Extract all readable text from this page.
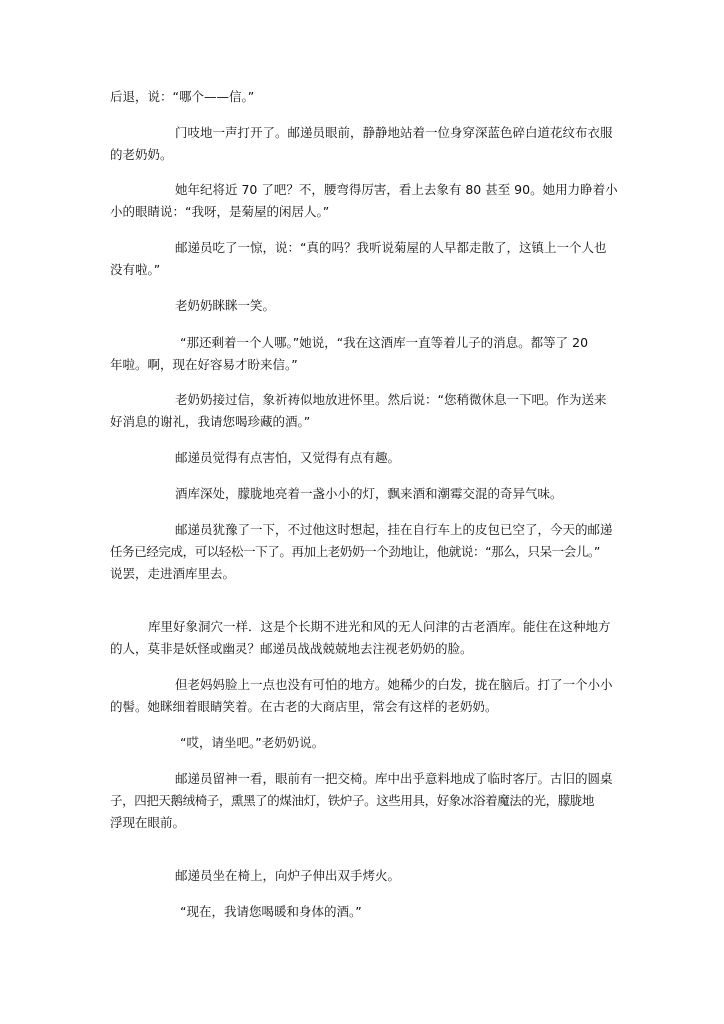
后退，说：“哪个——信。”
门吱地一声打开了。邮递员眼前，静静地站着一位身穿深蓝色碎白道花纹布衣服
的老奶奶。
她年纪将近 70 了吧？不，腰弯得厉害，看上去象有 80 甚至 90。她用力睁着小
小的眼睛说：“我呀，是菊屋的闲居人。”
邮递员吃了一惊，说：“真的吗？我听说菊屋的人早都走散了，这镇上一个人也
没有啦。”
老奶奶眯眯一笑。
“那还剩着一个人哪。”她说，“我在这酒库一直等着儿子的消息。都等了 20
年啦。啊，现在好容易才盼来信。”
老奶奶接过信，象祈祷似地放进怀里。然后说：“您稍微休息一下吧。作为送来
好消息的谢礼，我请您喝珍藏的酒。”
邮递员觉得有点害怕，又觉得有点有趣。
酒库深处，朦胧地亮着一盏小小的灯，飘来酒和潮霉交混的奇异气味。
邮递员犹豫了一下，不过他这时想起，挂在自行车上的皮包已空了，今天的邮递
任务已经完成，可以轻松一下了。再加上老奶奶一个劲地让，他就说：“那么，只呆一会儿。”
说罢，走进酒库里去。
库里好象洞穴一样．这是个长期不进光和风的无人问津的古老酒库。能住在这种地方
的人，莫非是妖怪或幽灵？邮递员战战兢兢地去注视老奶奶的脸。
但老妈妈脸上一点也没有可怕的地方。她稀少的白发，拢在脑后。打了一个小小
的髻。她眯细着眼睛笑着。在古老的大商店里，常会有这样的老奶奶。
“哎，请坐吧。”老奶奶说。
邮递员留神一看，眼前有一把交椅。库中出乎意料地成了临时客厅。古旧的圆桌
子，四把天鹅绒椅子，熏黑了的煤油灯，铁炉子。这些用具，好象冰浴着魔法的光，朦胧地
浮现在眼前。
邮递员坐在椅上，向炉子伸出双手烤火。
“现在，我请您喝暖和身体的酒。”
